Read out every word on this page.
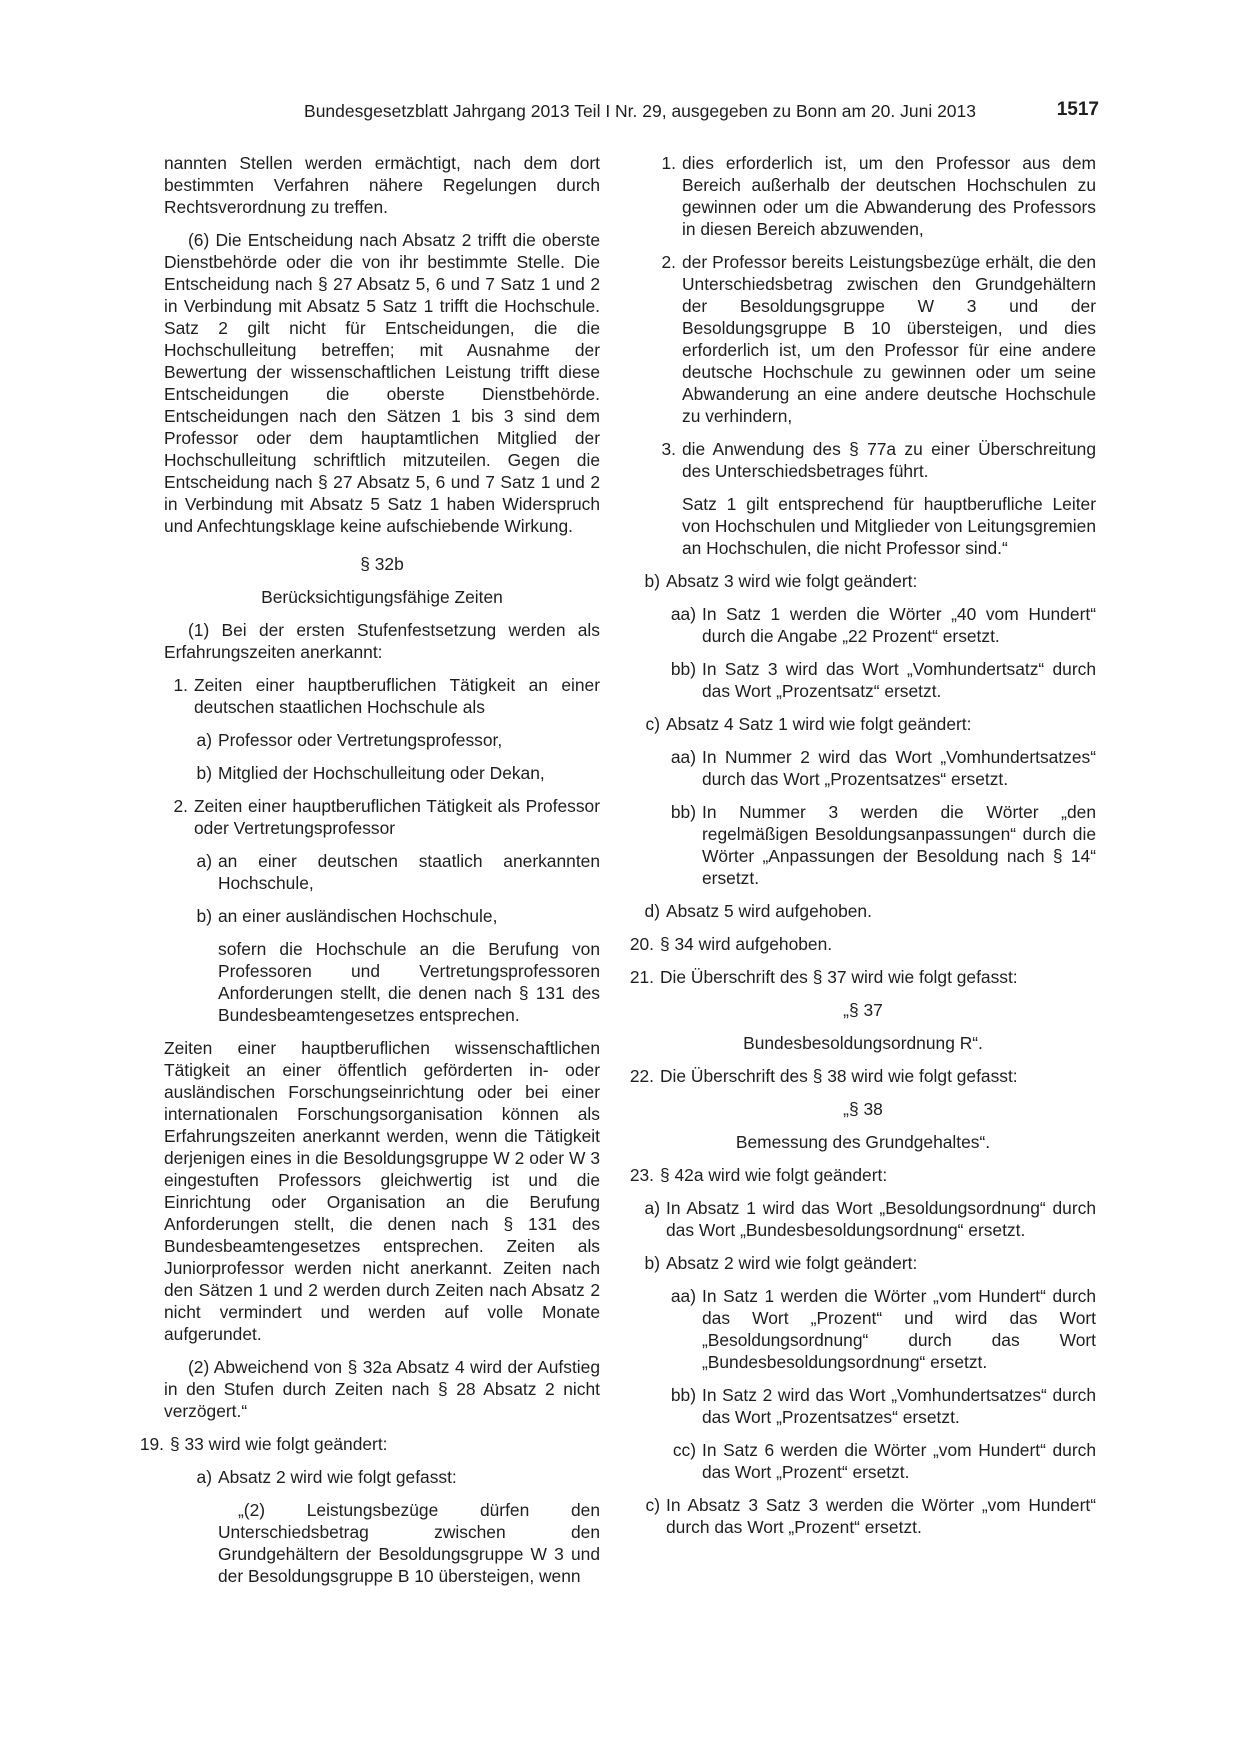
Bundesgesetzblatt Jahrgang 2013 Teil I Nr. 29, ausgegeben zu Bonn am 20. Juni 2013	1517

nannten Stellen werden ermächtigt, nach dem dort bestimmten Verfahren nähere Regelungen durch Rechtsverordnung zu treffen.

(6) Die Entscheidung nach Absatz 2 trifft die oberste Dienstbehörde oder die von ihr bestimmte Stelle. Die Entscheidung nach § 27 Absatz 5, 6 und 7 Satz 1 und 2 in Verbindung mit Absatz 5 Satz 1 trifft die Hochschule. Satz 2 gilt nicht für Entscheidungen, die die Hochschulleitung betreffen; mit Ausnahme der Bewertung der wissenschaftlichen Leistung trifft diese Entscheidungen die oberste Dienstbehörde. Entscheidungen nach den Sätzen 1 bis 3 sind dem Professor oder dem hauptamtlichen Mitglied der Hochschulleitung schriftlich mitzuteilen. Gegen die Entscheidung nach § 27 Absatz 5, 6 und 7 Satz 1 und 2 in Verbindung mit Absatz 5 Satz 1 haben Widerspruch und Anfechtungsklage keine aufschiebende Wirkung.

§ 32b

Berücksichtigungsfähige Zeiten

(1) Bei der ersten Stufenfestsetzung werden als Erfahrungszeiten anerkannt:

1. Zeiten einer hauptberuflichen Tätigkeit an einer deutschen staatlichen Hochschule als
a) Professor oder Vertretungsprofessor,
b) Mitglied der Hochschulleitung oder Dekan,
2. Zeiten einer hauptberuflichen Tätigkeit als Professor oder Vertretungsprofessor
a) an einer deutschen staatlich anerkannten Hochschule,
b) an einer ausländischen Hochschule,

sofern die Hochschule an die Berufung von Professoren und Vertretungsprofessoren Anforderungen stellt, die denen nach § 131 des Bundesbeamtengesetzes entsprechen.

Zeiten einer hauptberuflichen wissenschaftlichen Tätigkeit an einer öffentlich geförderten in- oder ausländischen Forschungseinrichtung oder bei einer internationalen Forschungsorganisation können als Erfahrungszeiten anerkannt werden, wenn die Tätigkeit derjenigen eines in die Besoldungsgruppe W 2 oder W 3 eingestuften Professors gleichwertig ist und die Einrichtung oder Organisation an die Berufung Anforderungen stellt, die denen nach § 131 des Bundesbeamtengesetzes entsprechen. Zeiten als Juniorprofessor werden nicht anerkannt. Zeiten nach den Sätzen 1 und 2 werden durch Zeiten nach Absatz 2 nicht vermindert und werden auf volle Monate aufgerundet.

(2) Abweichend von § 32a Absatz 4 wird der Aufstieg in den Stufen durch Zeiten nach § 28 Absatz 2 nicht verzögert.“

19. § 33 wird wie folgt geändert:
a) Absatz 2 wird wie folgt gefasst:

„(2) Leistungsbezüge dürfen den Unterschiedsbetrag zwischen den Grundgehältern der Besoldungsgruppe W 3 und der Besoldungsgruppe B 10 übersteigen, wenn

1. dies erforderlich ist, um den Professor aus dem Bereich außerhalb der deutschen Hochschulen zu gewinnen oder um die Abwanderung des Professors in diesen Bereich abzuwenden,
2. der Professor bereits Leistungsbezüge erhält, die den Unterschiedsbetrag zwischen den Grundgehältern der Besoldungsgruppe W 3 und der Besoldungsgruppe B 10 übersteigen, und dies erforderlich ist, um den Professor für eine andere deutsche Hochschule zu gewinnen oder um seine Abwanderung an eine andere deutsche Hochschule zu verhindern,
3. die Anwendung des § 77a zu einer Überschreitung des Unterschiedsbetrages führt.

Satz 1 gilt entsprechend für hauptberufliche Leiter von Hochschulen und Mitglieder von Leitungsgremien an Hochschulen, die nicht Professor sind.“

b) Absatz 3 wird wie folgt geändert:
aa) In Satz 1 werden die Wörter „40 vom Hundert“ durch die Angabe „22 Prozent“ ersetzt.
bb) In Satz 3 wird das Wort „Vomhundertsatz“ durch das Wort „Prozentsatz“ ersetzt.
c) Absatz 4 Satz 1 wird wie folgt geändert:
aa) In Nummer 2 wird das Wort „Vomhundertsatzes“ durch das Wort „Prozentsatzes“ ersetzt.
bb) In Nummer 3 werden die Wörter „den regelmäßigen Besoldungsanpassungen“ durch die Wörter „Anpassungen der Besoldung nach § 14“ ersetzt.
d) Absatz 5 wird aufgehoben.
20. § 34 wird aufgehoben.
21. Die Überschrift des § 37 wird wie folgt gefasst:

„§ 37

Bundesbesoldungsordnung R“.

22. Die Überschrift des § 38 wird wie folgt gefasst:

„§ 38

Bemessung des Grundgehaltes“.

23. § 42a wird wie folgt geändert:
a) In Absatz 1 wird das Wort „Besoldungsordnung“ durch das Wort „Bundesbesoldungsordnung“ ersetzt.
b) Absatz 2 wird wie folgt geändert:
aa) In Satz 1 werden die Wörter „vom Hundert“ durch das Wort „Prozent“ und wird das Wort „Besoldungsordnung“ durch das Wort „Bundesbesoldungsordnung“ ersetzt.
bb) In Satz 2 wird das Wort „Vomhundertsatzes“ durch das Wort „Prozentsatzes“ ersetzt.
cc) In Satz 6 werden die Wörter „vom Hundert“ durch das Wort „Prozent“ ersetzt.
c) In Absatz 3 Satz 3 werden die Wörter „vom Hundert“ durch das Wort „Prozent“ ersetzt.
